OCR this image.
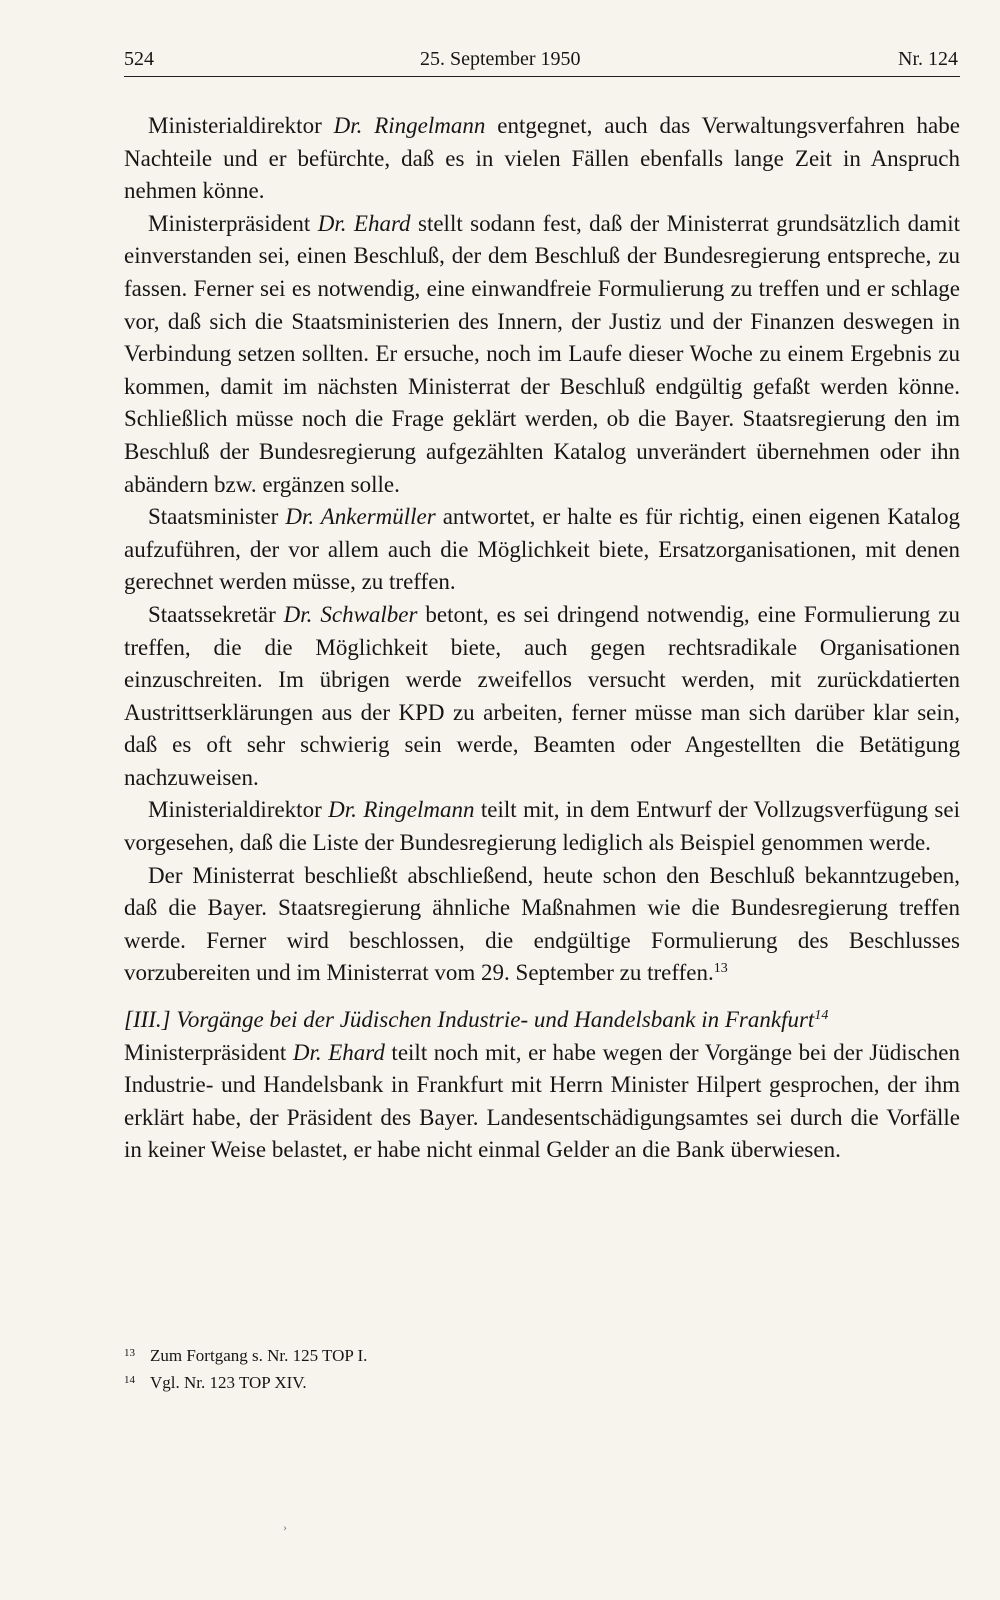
524	25. September 1950	Nr. 124

Ministerialdirektor Dr. Ringelmann entgegnet, auch das Verwaltungsverfahren habe Nachteile und er befürchte, daß es in vielen Fällen ebenfalls lange Zeit in Anspruch nehmen könne.

Ministerpräsident Dr. Ehard stellt sodann fest, daß der Ministerrat grundsätzlich damit einverstanden sei, einen Beschluß, der dem Beschluß der Bundesregierung entspreche, zu fassen. Ferner sei es notwendig, eine einwandfreie Formulierung zu treffen und er schlage vor, daß sich die Staatsministerien des Innern, der Justiz und der Finanzen deswegen in Verbindung setzen sollten. Er ersuche, noch im Laufe dieser Woche zu einem Ergebnis zu kommen, damit im nächsten Ministerrat der Beschluß endgültig gefaßt werden könne. Schließlich müsse noch die Frage geklärt werden, ob die Bayer. Staatsregierung den im Beschluß der Bundesregierung aufgezählten Katalog unverändert übernehmen oder ihn abändern bzw. ergänzen solle.

Staatsminister Dr. Ankermüller antwortet, er halte es für richtig, einen eigenen Katalog aufzuführen, der vor allem auch die Möglichkeit biete, Ersatzorganisationen, mit denen gerechnet werden müsse, zu treffen.

Staatssekretär Dr. Schwalber betont, es sei dringend notwendig, eine Formulierung zu treffen, die die Möglichkeit biete, auch gegen rechtsradikale Organisationen einzuschreiten. Im übrigen werde zweifellos versucht werden, mit zurückdatierten Austrittserklärungen aus der KPD zu arbeiten, ferner müsse man sich darüber klar sein, daß es oft sehr schwierig sein werde, Beamten oder Angestellten die Betätigung nachzuweisen.

Ministerialdirektor Dr. Ringelmann teilt mit, in dem Entwurf der Vollzugsverfügung sei vorgesehen, daß die Liste der Bundesregierung lediglich als Beispiel genommen werde.

Der Ministerrat beschließt abschließend, heute schon den Beschluß bekanntzugeben, daß die Bayer. Staatsregierung ähnliche Maßnahmen wie die Bundesregierung treffen werde. Ferner wird beschlossen, die endgültige Formulierung des Beschlusses vorzubereiten und im Ministerrat vom 29. September zu treffen.$^{13}$

[III.] Vorgänge bei der Jüdischen Industrie- und Handelsbank in Frankfurt$^{14}$

Ministerpräsident Dr. Ehard teilt noch mit, er habe wegen der Vorgänge bei der Jüdischen Industrie- und Handelsbank in Frankfurt mit Herrn Minister Hilpert gesprochen, der ihm erklärt habe, der Präsident des Bayer. Landesentschädigungsamtes sei durch die Vorfälle in keiner Weise belastet, er habe nicht einmal Gelder an die Bank überwiesen.

$^{13}$ Zum Fortgang s. Nr. 125 TOP I.
$^{14}$ Vgl. Nr. 123 TOP XIV.
›
